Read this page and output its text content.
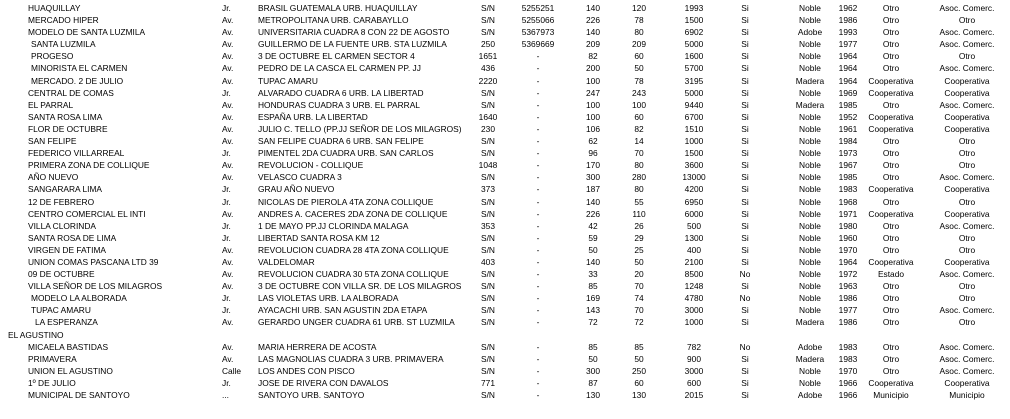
HUAQUILLAY	Jr.	BRASIL GUATEMALA URB. HUAQUILLAY	S/N	5255251	140	120	1993	Si	Noble	1962	Otro	Asoc. Comerc.
MERCADO HIPER	Av.	METROPOLITANA URB. CARABAYLLO	S/N	5255066	226	78	1500	Si	Noble	1986	Otro	Otro
MODELO DE SANTA LUZMILA	Av.	UNIVERSITARIA CUADRA 8 CON 22 DE AGOSTO	S/N	5367973	140	80	6902	Si	Adobe	1993	Otro	Asoc. Comerc.
SANTA LUZMILA	Av.	GUILLERMO DE LA FUENTE URB. STA LUZMILA	250	5369669	209	209	5000	Si	Noble	1977	Otro	Asoc. Comerc.
PROGESO	Av.	3 DE OCTUBRE EL CARMEN SECTOR 4	1651	-	82	60	1600	Si	Noble	1964	Otro	Otro
MINORISTA EL CARMEN	Av.	PEDRO DE LA CASCA EL CARMEN PP. JJ	436	-	200	50	5700	Si	Noble	1964	Otro	Asoc. Comerc.
MERCADO. 2 DE JULIO	Av.	TUPAC AMARU	2220	-	100	78	3195	Si	Madera	1964	Cooperativa	Cooperativa
CENTRAL DE COMAS	Jr.	ALVARADO CUADRA 6 URB. LA LIBERTAD	S/N	-	247	243	5000	Si	Noble	1969	Cooperativa	Cooperativa
EL PARRAL	Av.	HONDURAS CUADRA 3 URB. EL PARRAL	S/N	-	100	100	9440	Si	Madera	1985	Otro	Asoc. Comerc.
SANTA ROSA LIMA	Av.	ESPAÑA URB. LA LIBERTAD	1640	-	100	60	6700	Si	Noble	1952	Cooperativa	Cooperativa
FLOR DE OCTUBRE	Av.	JULIO C. TELLO (PP.JJ SEÑOR DE LOS MILAGROS)	230	-	106	82	1510	Si	Noble	1961	Cooperativa	Cooperativa
SAN FELIPE	Av.	SAN FELIPE CUADRA 6 URB. SAN FELIPE	S/N	-	62	14	1000	Si	Noble	1984	Otro	Otro
FEDERICO VILLARREAL	Jr.	PIMENTEL 2DA CUADRA URB. SAN CARLOS	S/N	-	96	70	1500	Si	Noble	1973	Otro	Otro
PRIMERA ZONA DE COLLIQUE	Av.	REVOLUCION - COLLIQUE	1048	-	170	80	3600	Si	Noble	1967	Otro	Otro
AÑO NUEVO	Av.	VELASCO CUADRA 3	S/N	-	300	280	13000	Si	Noble	1985	Otro	Asoc. Comerc.
SANGARARA LIMA	Jr.	GRAU AÑO NUEVO	373	-	187	80	4200	Si	Noble	1983	Cooperativa	Cooperativa
12 DE FEBRERO	Jr.	NICOLAS DE PIEROLA 4TA ZONA COLLIQUE	S/N	-	140	55	6950	Si	Noble	1968	Otro	Otro
CENTRO COMERCIAL EL INTI	Av.	ANDRES A. CACERES 2DA ZONA DE COLLIQUE	S/N	-	226	110	6000	Si	Noble	1971	Cooperativa	Cooperativa
VILLA CLORINDA	Jr.	1 DE MAYO PP.JJ CLORINDA MALAGA	353	-	42	26	500	Si	Noble	1980	Otro	Asoc. Comerc.
SANTA ROSA DE LIMA	Jr.	LIBERTAD SANTA ROSA KM 12	S/N	-	59	29	1300	Si	Noble	1960	Otro	Otro
VIRGEN DE FATIMA	Av.	REVOLUCION CUADRA 28 4TA ZONA COLLIQUE	S/N	-	50	25	400	Si	Noble	1970	Otro	Otro
UNION COMAS PASCANA LTD 39	Av.	VALDELOMAR	403	-	140	50	2100	Si	Noble	1964	Cooperativa	Cooperativa
09 DE OCTUBRE	Av.	REVOLUCION CUADRA 30 5TA ZONA COLLIQUE	S/N	-	33	20	8500	No	Noble	1972	Estado	Asoc. Comerc.
VILLA SEÑOR DE LOS MILAGROS	Av.	3 DE OCTUBRE CON VILLA SR. DE LOS MILAGROS	S/N	-	85	70	1248	Si	Noble	1963	Otro	Otro
MODELO LA ALBORADA	Jr.	LAS VIOLETAS URB. LA ALBORADA	S/N	-	169	74	4780	No	Noble	1986	Otro	Otro
TUPAC AMARU	Jr.	AYACACHI URB. SAN AGUSTIN 2DA ETAPA	S/N	-	143	70	3000	Si	Noble	1977	Otro	Asoc. Comerc.
LA ESPERANZA	Av.	GERARDO UNGER CUADRA 61 URB. ST LUZMILA	S/N	-	72	72	1000	Si	Madera	1986	Otro	Otro
EL AGUSTINO
MICAELA BASTIDAS	Av.	MARIA HERRERA DE ACOSTA	S/N	-	85	85	782	No	Adobe	1983	Otro	Asoc. Comerc.
PRIMAVERA	Av.	LAS MAGNOLIAS CUADRA 3 URB. PRIMAVERA	S/N	-	50	50	900	Si	Madera	1983	Otro	Asoc. Comerc.
UNION EL AGUSTINO	Calle	LOS ANDES CON PISCO	S/N	-	300	250	3000	Si	Noble	1970	Otro	Asoc. Comerc.
1º DE JULIO	Jr.	JOSE DE RIVERA CON DAVALOS	771	-	87	60	600	Si	Noble	1966	Cooperativa	Cooperativa
MUNICIPAL DE SANTOYO	...	SANTOYO URB. SANTOYO	S/N	-	130	130	2015	Si	Adobe	1966	Municipio	Municipio
